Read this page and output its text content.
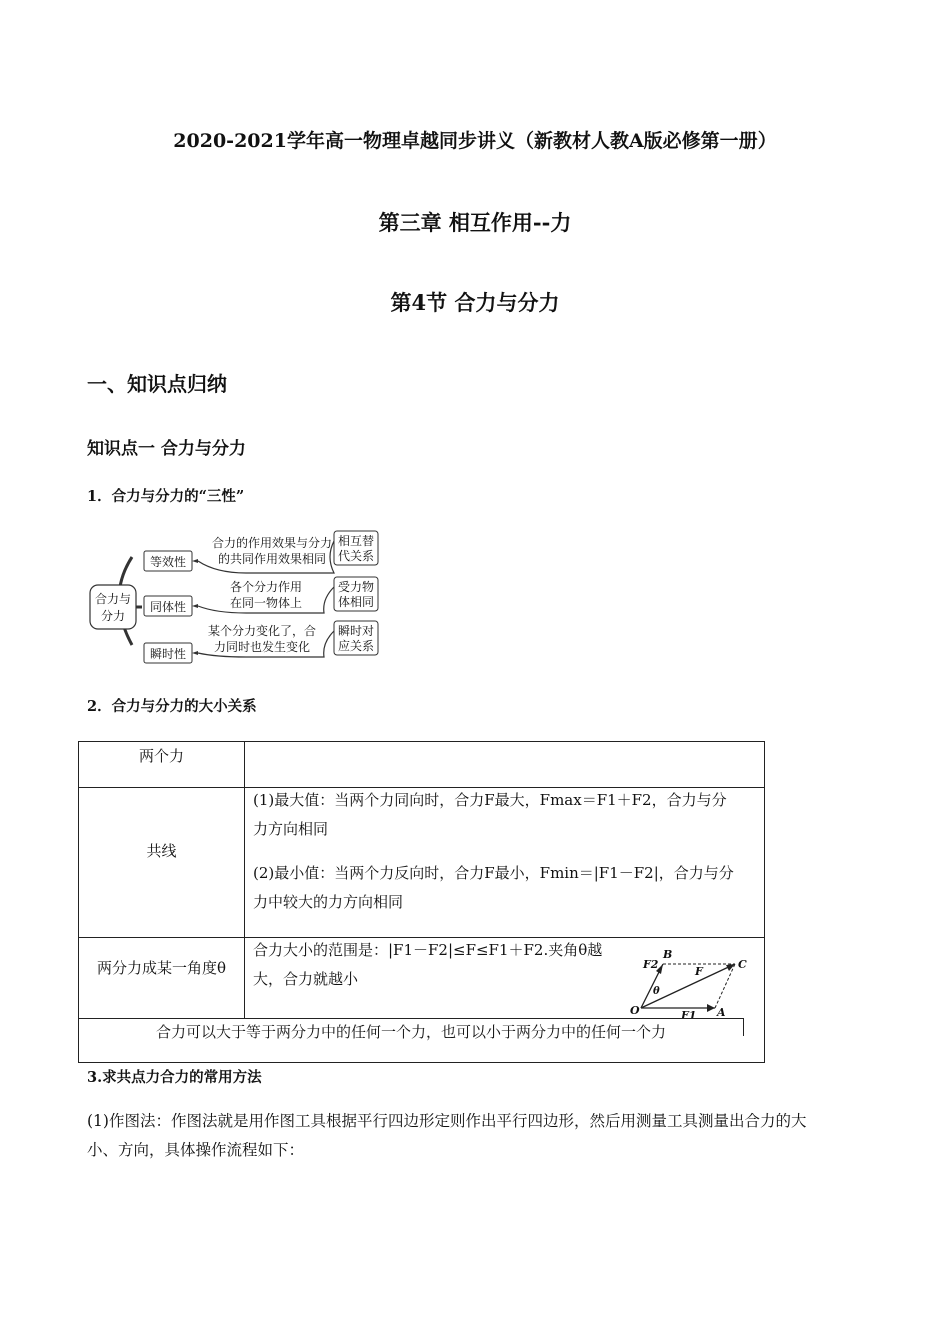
2020-2021学年高一物理卓越同步讲义（新教材人教A版必修第一册）
第三章 相互作用--力
第4节 合力与分力
一、知识点归纳
知识点一 合力与分力
1．合力与分力的“三性”
合力与
分力
等效性
合力的作用效果与分力
的共同作用效果相同
相互替
代关系
同体性
各个分力作用
在同一物体上
受力物
体相同
瞬时性
某个分力变化了，合
力同时也发生变化
瞬时对
应关系
2．合力与分力的大小关系
两个力
共线
(1)最大值：当两个力同向时，合力F最大，Fmax＝F1＋F2，合力与分
力方向相同
(2)最小值：当两个力反向时，合力F最小，Fmin＝|F1－F2|，合力与分
力中较大的力方向相同
两分力成某一角度θ
合力大小的范围是：|F1－F2|≤F≤F1＋F2.夹角θ越
大，合力就越小
O	A
B
C
F
F2
F1
θ
合力可以大于等于两分力中的任何一个力，也可以小于两分力中的任何一个力
3.求共点力合力的常用方法
(1)作图法：作图法就是用作图工具根据平行四边形定则作出平行四边形，然后用测量工具测量出合力的大
小、方向，具体操作流程如下：
